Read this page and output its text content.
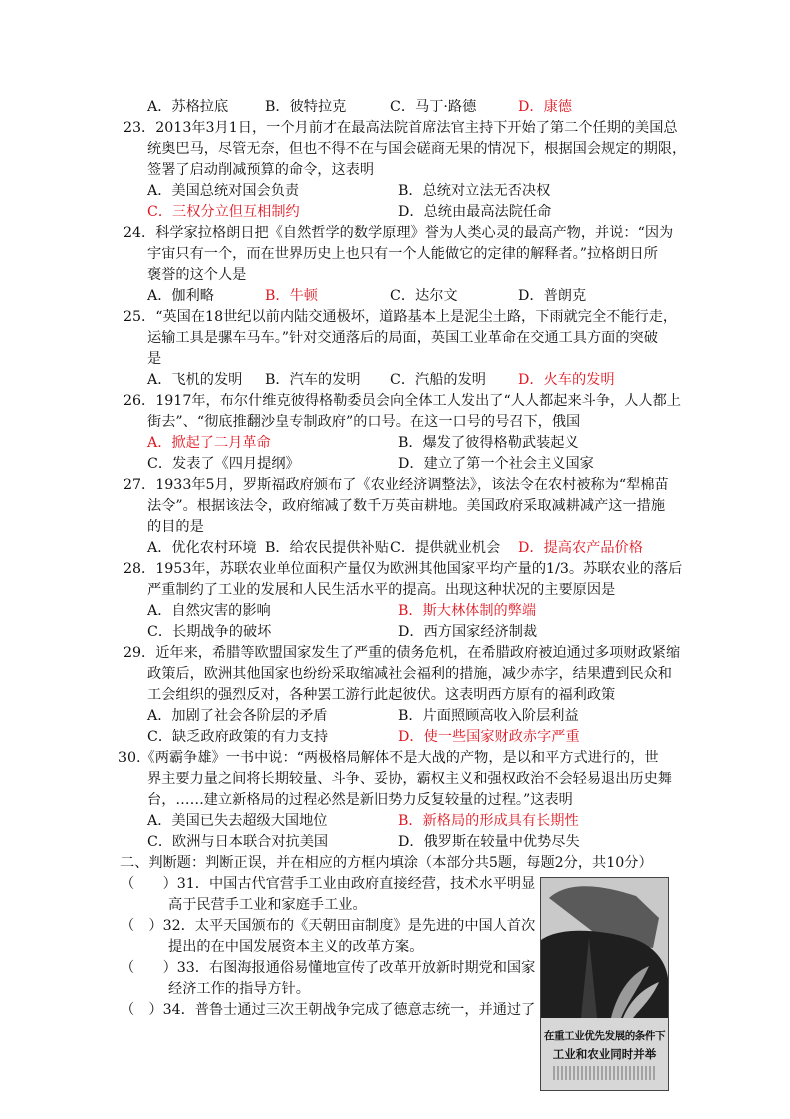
A．苏格拉底	B．彼特拉克	C．马丁·路德	D．康德
23．2013年3月1日，一个月前才在最高法院首席法官主持下开始了第二个任期的美国总
统奥巴马，尽管无奈，但也不得不在与国会磋商无果的情况下，根据国会规定的期限，
签署了启动削减预算的命令，这表明
A．美国总统对国会负责	B．总统对立法无否决权
C．三权分立但互相制约	D．总统由最高法院任命
24．科学家拉格朗日把《自然哲学的数学原理》誉为人类心灵的最高产物，并说：“因为
宇宙只有一个，而在世界历史上也只有一个人能做它的定律的解释者。”拉格朗日所
褒誉的这个人是
A．伽利略	B．牛顿	C．达尔文	D．普朗克
25．“英国在18世纪以前内陆交通极坏，道路基本上是泥尘土路，下雨就完全不能行走，
运输工具是骡车马车。”针对交通落后的局面，英国工业革命在交通工具方面的突破
是
A．飞机的发明 B．汽车的发明 C．汽船的发明 D．火车的发明
26．1917年，布尔什维克彼得格勒委员会向全体工人发出了“人人都起来斗争，人人都上
街去”、“彻底推翻沙皇专制政府”的口号。在这一口号的号召下，俄国
A．掀起了二月革命	B．爆发了彼得格勒武装起义
C．发表了《四月提纲》	D．建立了第一个社会主义国家
27．1933年5月，罗斯福政府颁布了《农业经济调整法》，该法令在农村被称为“犁棉苗
法令”。根据该法令，政府缩减了数千万英亩耕地。美国政府采取减耕减产这一措施
的目的是
A．优化农村环境 B．给农民提供补贴 C．提供就业机会 D．提高农产品价格
28．1953年，苏联农业单位面积产量仅为欧洲其他国家平均产量的1/3。苏联农业的落后
严重制约了工业的发展和人民生活水平的提高。出现这种状况的主要原因是
A．自然灾害的影响	B．斯大林体制的弊端
C．长期战争的破坏	D．西方国家经济制裁
29．近年来，希腊等欧盟国家发生了严重的债务危机，在希腊政府被迫通过多项财政紧缩
政策后，欧洲其他国家也纷纷采取缩减社会福利的措施，减少赤字，结果遭到民众和
工会组织的强烈反对，各种罢工游行此起彼伏。这表明西方原有的福利政策
A．加剧了社会各阶层的矛盾	B．片面照顾高收入阶层利益
C．缺乏政府政策的有力支持	D．使一些国家财政赤字严重
30.《两霸争雄》一书中说：“两极格局解体不是大战的产物，是以和平方式进行的，世
界主要力量之间将长期较量、斗争、妥协，霸权主义和强权政治不会轻易退出历史舞
台，……建立新格局的过程必然是新旧势力反复较量的过程。”这表明
A．美国已失去超级大国地位	B．新格局的形成具有长期性
C．欧洲与日本联合对抗美国	D．俄罗斯在较量中优势尽失
二、判断题：判断正误，并在相应的方框内填涂（本部分共5题，每题2分，共10分）
（　　）31．中国古代官营手工业由政府直接经营，技术水平明显
高于民营手工业和家庭手工业。
（　）32．太平天国颁布的《天朝田亩制度》是先进的中国人首次
提出的在中国发展资本主义的改革方案。
（　　）33．右图海报通俗易懂地宣传了改革开放新时期党和国家
经济工作的指导方针。
（　）34．普鲁士通过三次王朝战争完成了德意志统一，并通过了
在重工业优先发展的条件下
工业和农业同时并举
